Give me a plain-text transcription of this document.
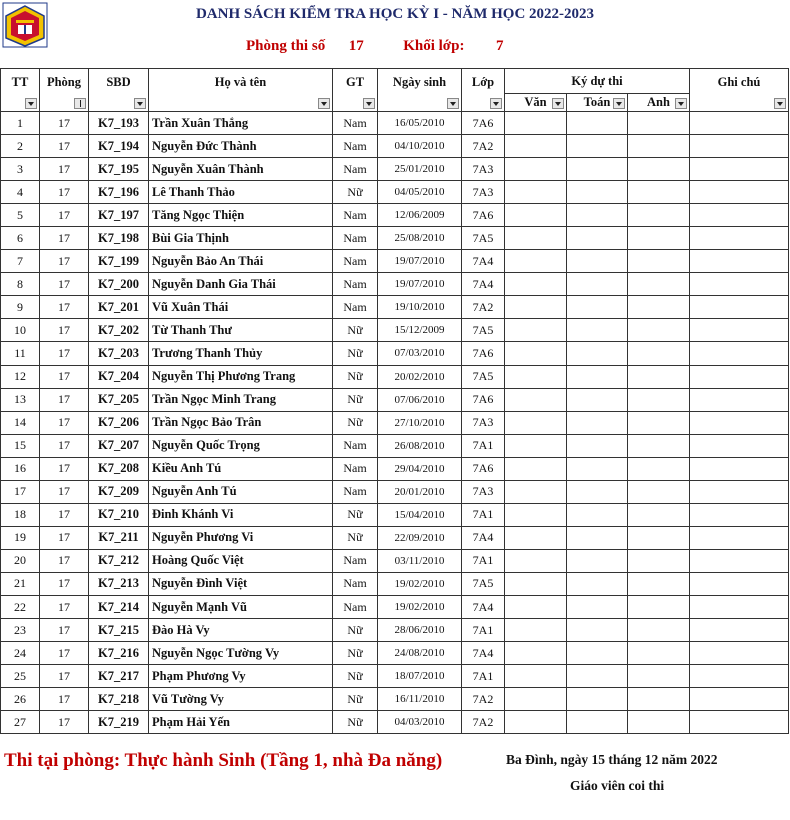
DANH SÁCH KIỂM TRA HỌC KỲ I - NĂM HỌC 2022-2023
Phòng thi số 17	Khối lớp: 7
TT	Phòng	SBD	Họ và tên	GT	Ngày sinh	Lớp	Ký dự thi			Ghi chú

							Văn	Toán	Anh	

1	17	K7_193	Trần Xuân Thắng	Nam	16/05/2010	7A6				
2	17	K7_194	Nguyễn Đức Thành	Nam	04/10/2010	7A2				
3	17	K7_195	Nguyễn Xuân Thành	Nam	25/01/2010	7A3				
4	17	K7_196	Lê Thanh Thảo	Nữ	04/05/2010	7A3				
5	17	K7_197	Tăng Ngọc Thiện	Nam	12/06/2009	7A6				
6	17	K7_198	Bùi Gia Thịnh	Nam	25/08/2010	7A5				
7	17	K7_199	Nguyễn Bảo An Thái	Nam	19/07/2010	7A4				
8	17	K7_200	Nguyễn Danh Gia Thái	Nam	19/07/2010	7A4				
9	17	K7_201	Vũ Xuân Thái	Nam	19/10/2010	7A2				
10	17	K7_202	Từ Thanh Thư	Nữ	15/12/2009	7A5				
11	17	K7_203	Trương Thanh Thủy	Nữ	07/03/2010	7A6				
12	17	K7_204	Nguyễn Thị Phương Trang	Nữ	20/02/2010	7A5				
13	17	K7_205	Trần Ngọc Minh Trang	Nữ	07/06/2010	7A6				
14	17	K7_206	Trần Ngọc Bảo Trân	Nữ	27/10/2010	7A3				
15	17	K7_207	Nguyễn Quốc Trọng	Nam	26/08/2010	7A1				
16	17	K7_208	Kiều Anh Tú	Nam	29/04/2010	7A6				
17	17	K7_209	Nguyễn Anh Tú	Nam	20/01/2010	7A3				
18	17	K7_210	Đinh Khánh Vi	Nữ	15/04/2010	7A1				
19	17	K7_211	Nguyễn Phương Vi	Nữ	22/09/2010	7A4				
20	17	K7_212	Hoàng Quốc Việt	Nam	03/11/2010	7A1				
21	17	K7_213	Nguyễn Đình Việt	Nam	19/02/2010	7A5				
22	17	K7_214	Nguyễn Mạnh Vũ	Nam	19/02/2010	7A4				
23	17	K7_215	Đào Hà Vy	Nữ	28/06/2010	7A1				
24	17	K7_216	Nguyễn Ngọc Tường Vy	Nữ	24/08/2010	7A4				
25	17	K7_217	Phạm Phương Vy	Nữ	18/07/2010	7A1				
26	17	K7_218	Vũ Tường Vy	Nữ	16/11/2010	7A2				
27	17	K7_219	Phạm Hải Yến	Nữ	04/03/2010	7A2				
Thi tại phòng: Thực hành Sinh (Tầng 1, nhà Đa năng)	Ba Đình, ngày 15 tháng 12 năm 2022
Giáo viên coi thi
